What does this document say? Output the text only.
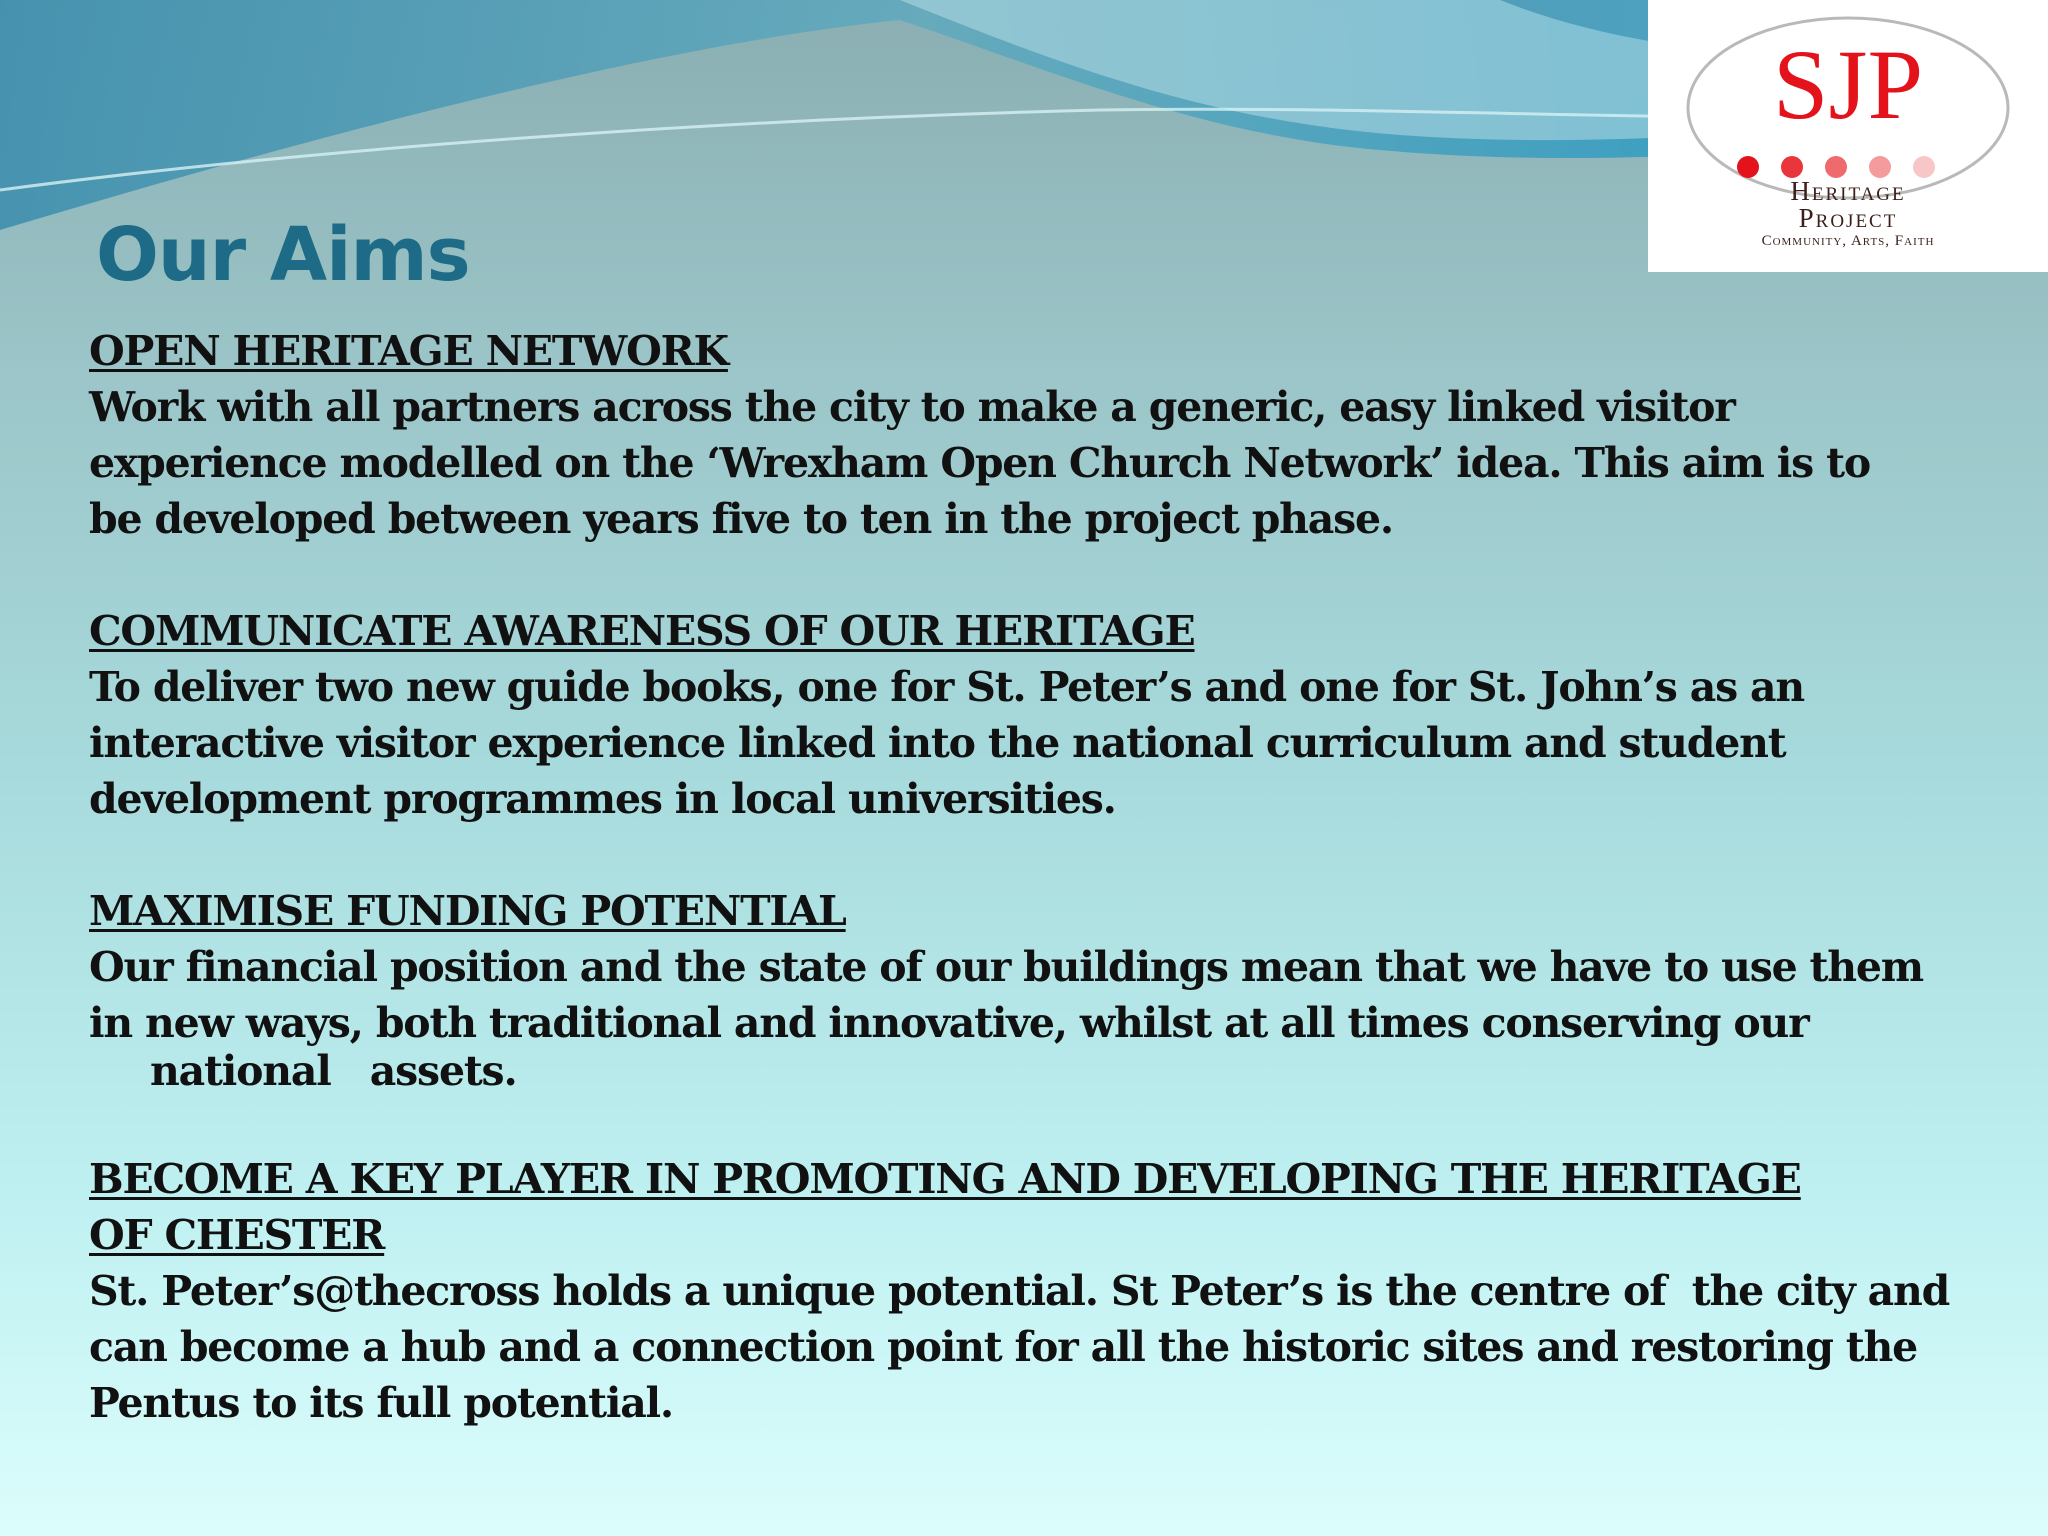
Our Aims
SJP
Heritage
Project
Community, Arts, Faith
OPEN HERITAGE NETWORK
Work with all partners across the city to make a generic, easy linked visitor
experience modelled on the ‘Wrexham Open Church Network’ idea. This aim is to
be developed between years five to ten in the project phase.
COMMUNICATE AWARENESS OF OUR HERITAGE
To deliver two new guide books, one for St. Peter’s and one for St. John’s as an
interactive visitor experience linked into the national curriculum and student
development programmes in local universities.
MAXIMISE FUNDING POTENTIAL
Our financial position and the state of our buildings mean that we have to use them
in new ways, both traditional and innovative, whilst at all times conserving our
national   assets.
BECOME A KEY PLAYER IN PROMOTING AND DEVELOPING THE HERITAGE
OF CHESTER
St. Peter’s@thecross holds a unique potential. St Peter’s is the centre of  the city and
can become a hub and a connection point for all the historic sites and restoring the
Pentus to its full potential.
